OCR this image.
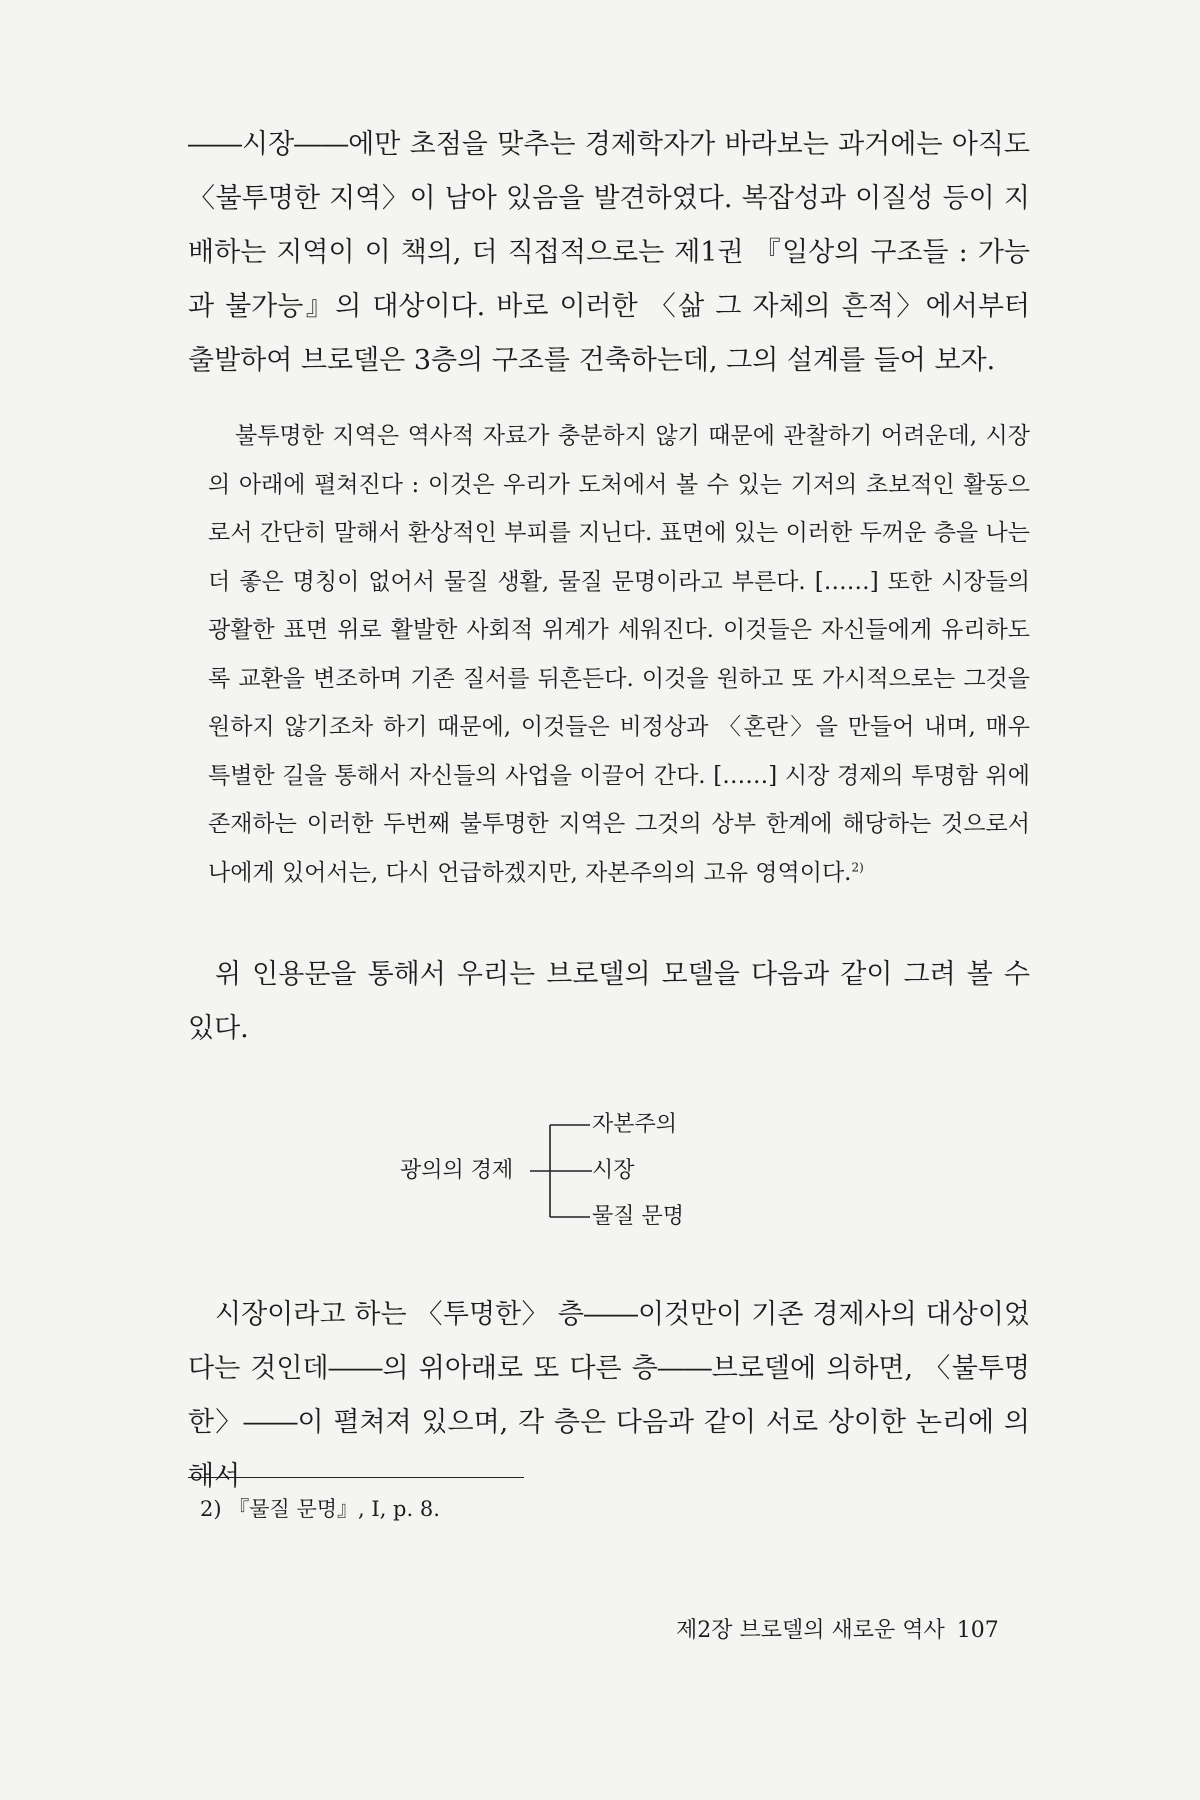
――시장――에만 초점을 맞추는 경제학자가 바라보는 과거에는 아직도 〈불투명한 지역〉이 남아 있음을 발견하였다. 복잡성과 이질성 등이 지배하는 지역이 이 책의, 더 직접적으로는 제1권 『일상의 구조들 : 가능과 불가능』의 대상이다. 바로 이러한 〈삶 그 자체의 흔적〉에서부터 출발하여 브로델은 3층의 구조를 건축하는데, 그의 설계를 들어 보자.

불투명한 지역은 역사적 자료가 충분하지 않기 때문에 관찰하기 어려운데, 시장의 아래에 펼쳐진다 : 이것은 우리가 도처에서 볼 수 있는 기저의 초보적인 활동으로서 간단히 말해서 환상적인 부피를 지닌다. 표면에 있는 이러한 두꺼운 층을 나는 더 좋은 명칭이 없어서 물질 생활, 물질 문명이라고 부른다. [……] 또한 시장들의 광활한 표면 위로 활발한 사회적 위계가 세워진다. 이것들은 자신들에게 유리하도록 교환을 변조하며 기존 질서를 뒤흔든다. 이것을 원하고 또 가시적으로는 그것을 원하지 않기조차 하기 때문에, 이것들은 비정상과 〈혼란〉을 만들어 내며, 매우 특별한 길을 통해서 자신들의 사업을 이끌어 간다. [……] 시장 경제의 투명함 위에 존재하는 이러한 두번째 불투명한 지역은 그것의 상부 한계에 해당하는 것으로서 나에게 있어서는, 다시 언급하겠지만, 자본주의의 고유 영역이다.$^{2)}$

위 인용문을 통해서 우리는 브로델의 모델을 다음과 같이 그려 볼 수 있다.

광의의 경제
자본주의
시장
물질 문명

시장이라고 하는 〈투명한〉 층――이것만이 기존 경제사의 대상이었다는 것인데――의 위아래로 또 다른 층――브로델에 의하면, 〈불투명한〉――이 펼쳐져 있으며, 각 층은 다음과 같이 서로 상이한 논리에 의해서

2) 『물질 문명』, Ⅰ, p. 8.
제2장 브로델의 새로운 역사 107
